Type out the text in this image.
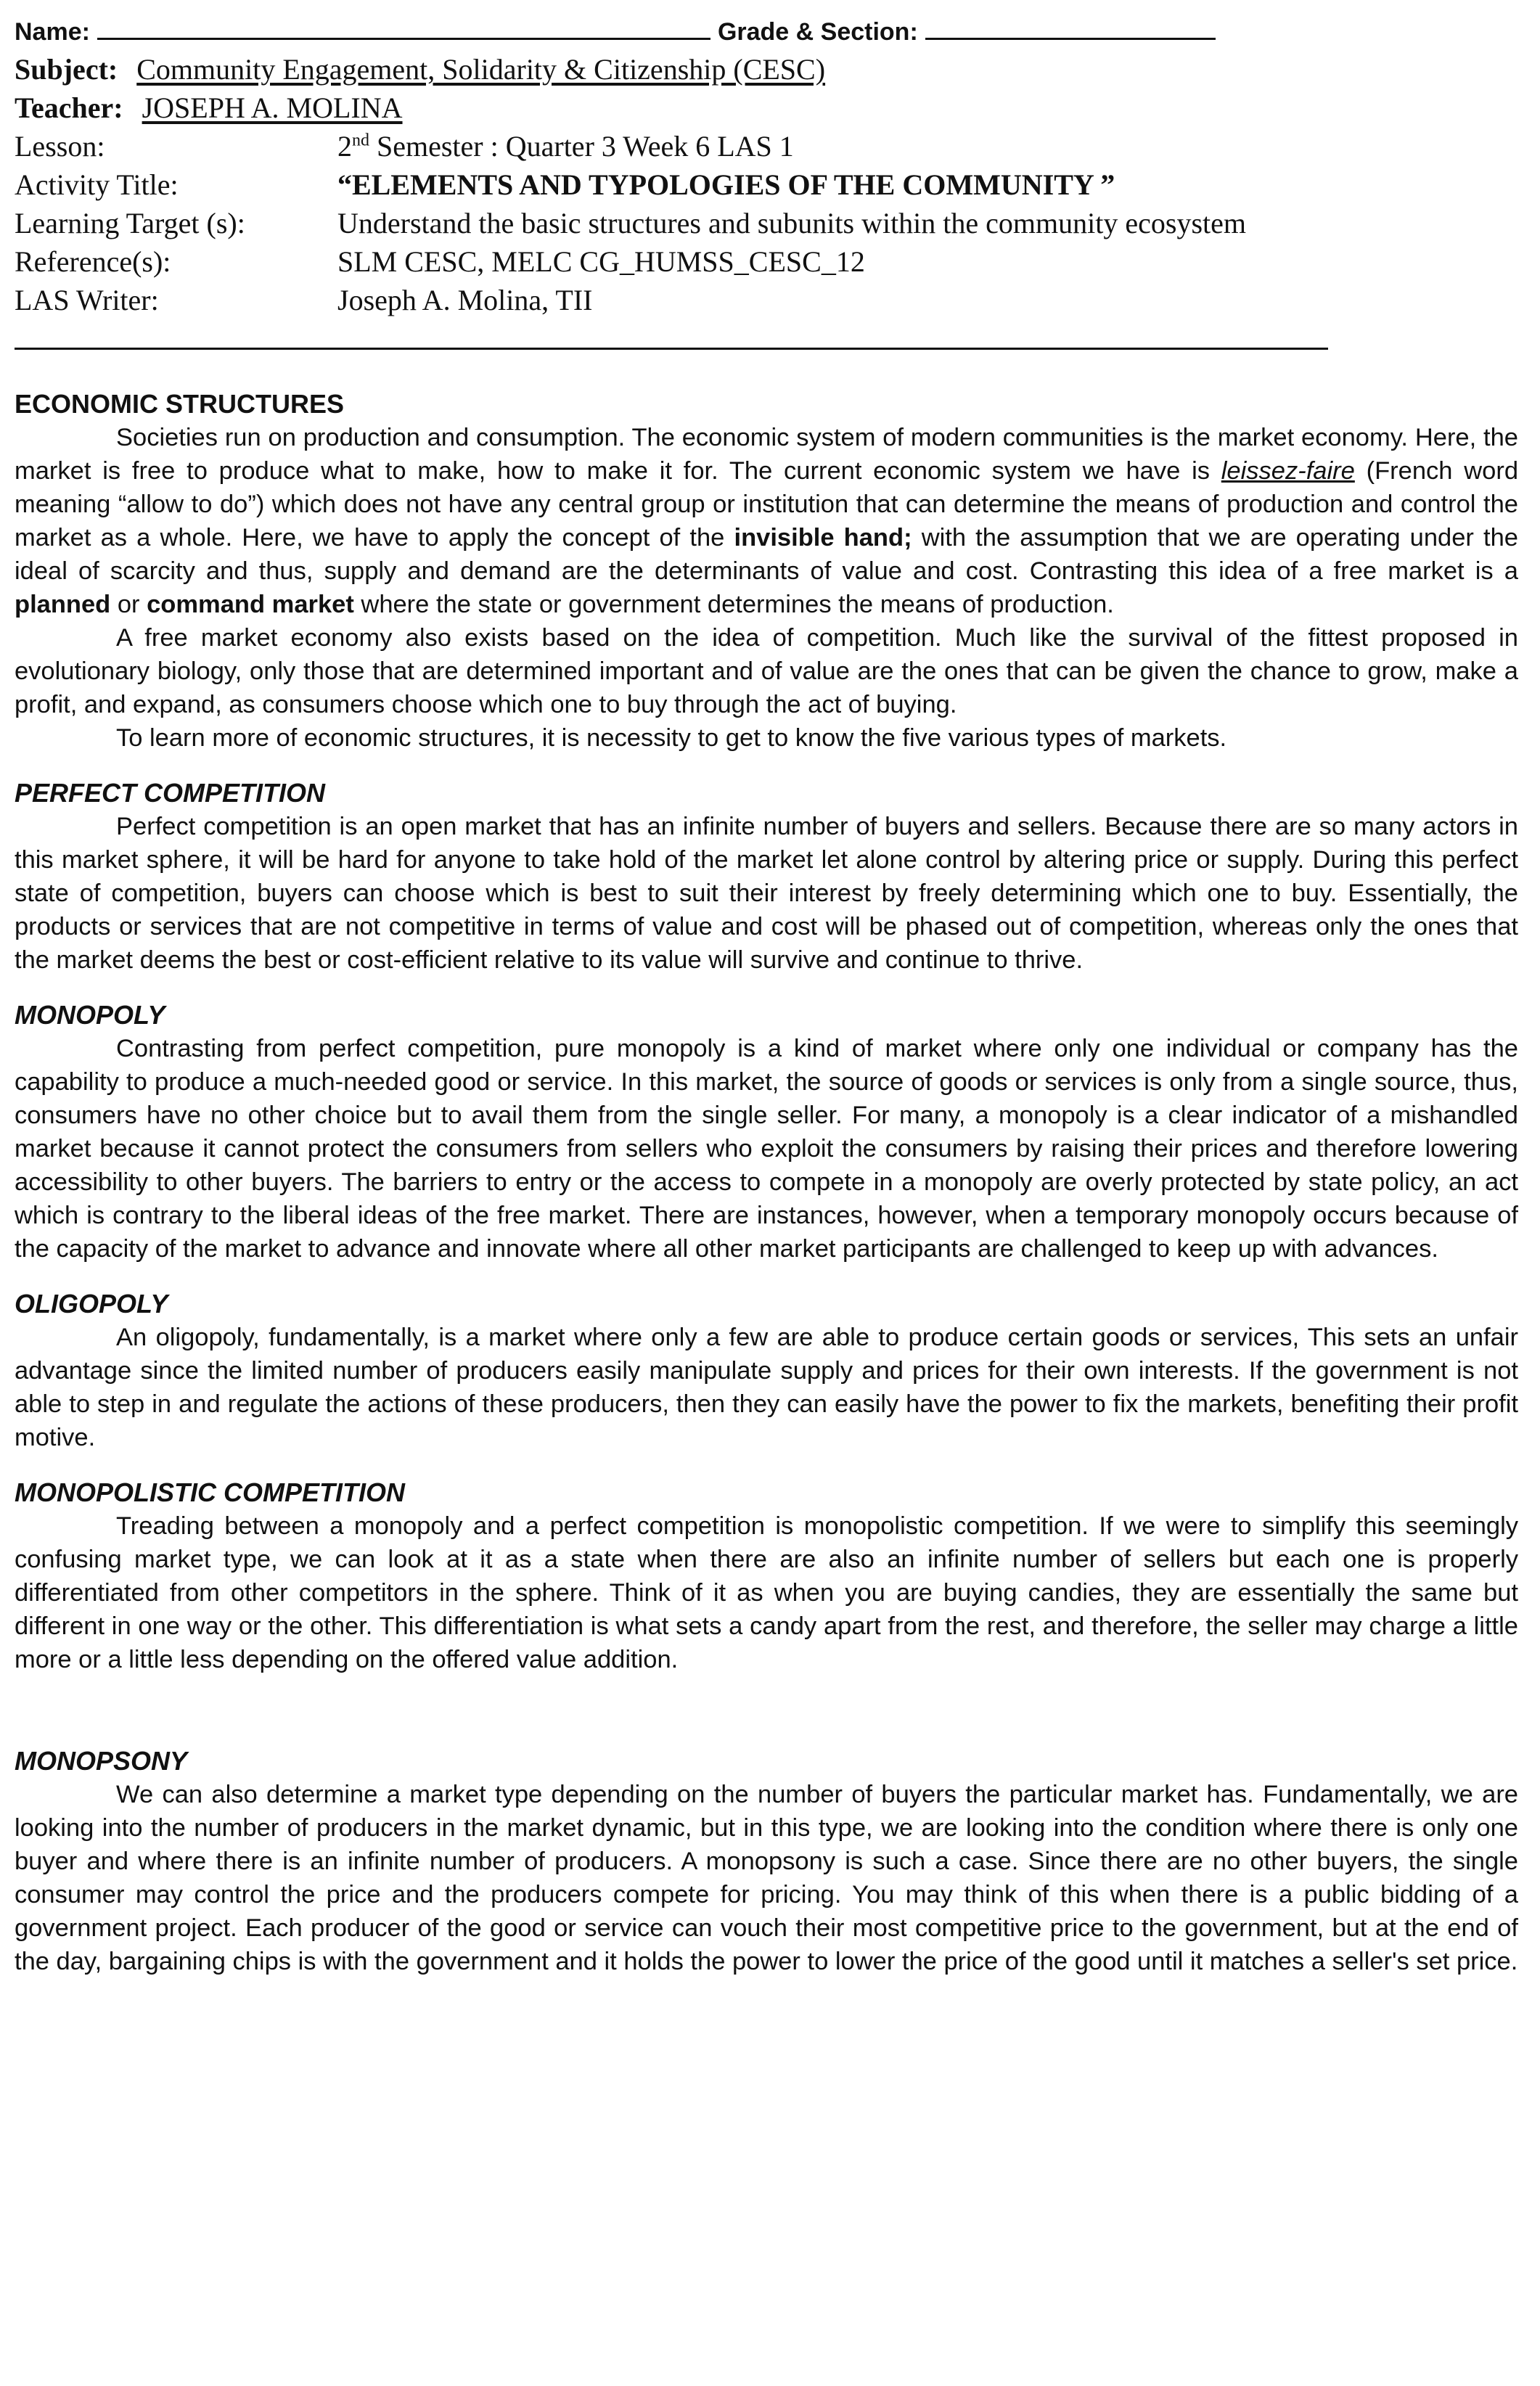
Name:	Grade & Section:
Subject: Community Engagement, Solidarity & Citizenship (CESC)
Teacher: JOSEPH A. MOLINA
Lesson:	2nd Semester : Quarter 3 Week 6 LAS 1
Activity Title:	“ELEMENTS AND TYPOLOGIES OF THE COMMUNITY ”
Learning Target (s):	Understand the basic structures and subunits within the community ecosystem
Reference(s):	SLM CESC, MELC CG_HUMSS_CESC_12
LAS Writer:	Joseph A. Molina, TII

ECONOMIC STRUCTURES

Societies run on production and consumption. The economic system of modern communities is the market economy. Here, the market is free to produce what to make, how to make it for. The current economic system we have is leissez-faire (French word meaning “allow to do”) which does not have any central group or institution that can determine the means of production and control the market as a whole. Here, we have to apply the concept of the invisible hand; with the assumption that we are operating under the ideal of scarcity and thus, supply and demand are the determinants of value and cost. Contrasting this idea of a free market is a planned or command market where the state or government determines the means of production.

A free market economy also exists based on the idea of competition. Much like the survival of the fittest proposed in evolutionary biology, only those that are determined important and of value are the ones that can be given the chance to grow, make a profit, and expand, as consumers choose which one to buy through the act of buying.

To learn more of economic structures, it is necessity to get to know the five various types of markets.

PERFECT COMPETITION

Perfect competition is an open market that has an infinite number of buyers and sellers. Because there are so many actors in this market sphere, it will be hard for anyone to take hold of the market let alone control by altering price or supply. During this perfect state of competition, buyers can choose which is best to suit their interest by freely determining which one to buy. Essentially, the products or services that are not competitive in terms of value and cost will be phased out of competition, whereas only the ones that the market deems the best or cost-efficient relative to its value will survive and continue to thrive.

MONOPOLY

Contrasting from perfect competition, pure monopoly is a kind of market where only one individual or company has the capability to produce a much-needed good or service. In this market, the source of goods or services is only from a single source, thus, consumers have no other choice but to avail them from the single seller. For many, a monopoly is a clear indicator of a mishandled market because it cannot protect the consumers from sellers who exploit the consumers by raising their prices and therefore lowering accessibility to other buyers. The barriers to entry or the access to compete in a monopoly are overly protected by state policy, an act which is contrary to the liberal ideas of the free market. There are instances, however, when a temporary monopoly occurs because of the capacity of the market to advance and innovate where all other market participants are challenged to keep up with advances.

OLIGOPOLY

An oligopoly, fundamentally, is a market where only a few are able to produce certain goods or services, This sets an unfair advantage since the limited number of producers easily manipulate supply and prices for their own interests. If the government is not able to step in and regulate the actions of these producers, then they can easily have the power to fix the markets, benefiting their profit motive.

MONOPOLISTIC COMPETITION

Treading between a monopoly and a perfect competition is monopolistic competition. If we were to simplify this seemingly confusing market type, we can look at it as a state when there are also an infinite number of sellers but each one is properly differentiated from other competitors in the sphere. Think of it as when you are buying candies, they are essentially the same but different in one way or the other. This differentiation is what sets a candy apart from the rest, and therefore, the seller may charge a little more or a little less depending on the offered value addition.

MONOPSONY

We can also determine a market type depending on the number of buyers the particular market has. Fundamentally, we are looking into the number of producers in the market dynamic, but in this type, we are looking into the condition where there is only one buyer and where there is an infinite number of producers. A monopsony is such a case. Since there are no other buyers, the single consumer may control the price and the producers compete for pricing. You may think of this when there is a public bidding of a government project. Each producer of the good or service can vouch their most competitive price to the government, but at the end of the day, bargaining chips is with the government and it holds the power to lower the price of the good until it matches a seller's set price.
